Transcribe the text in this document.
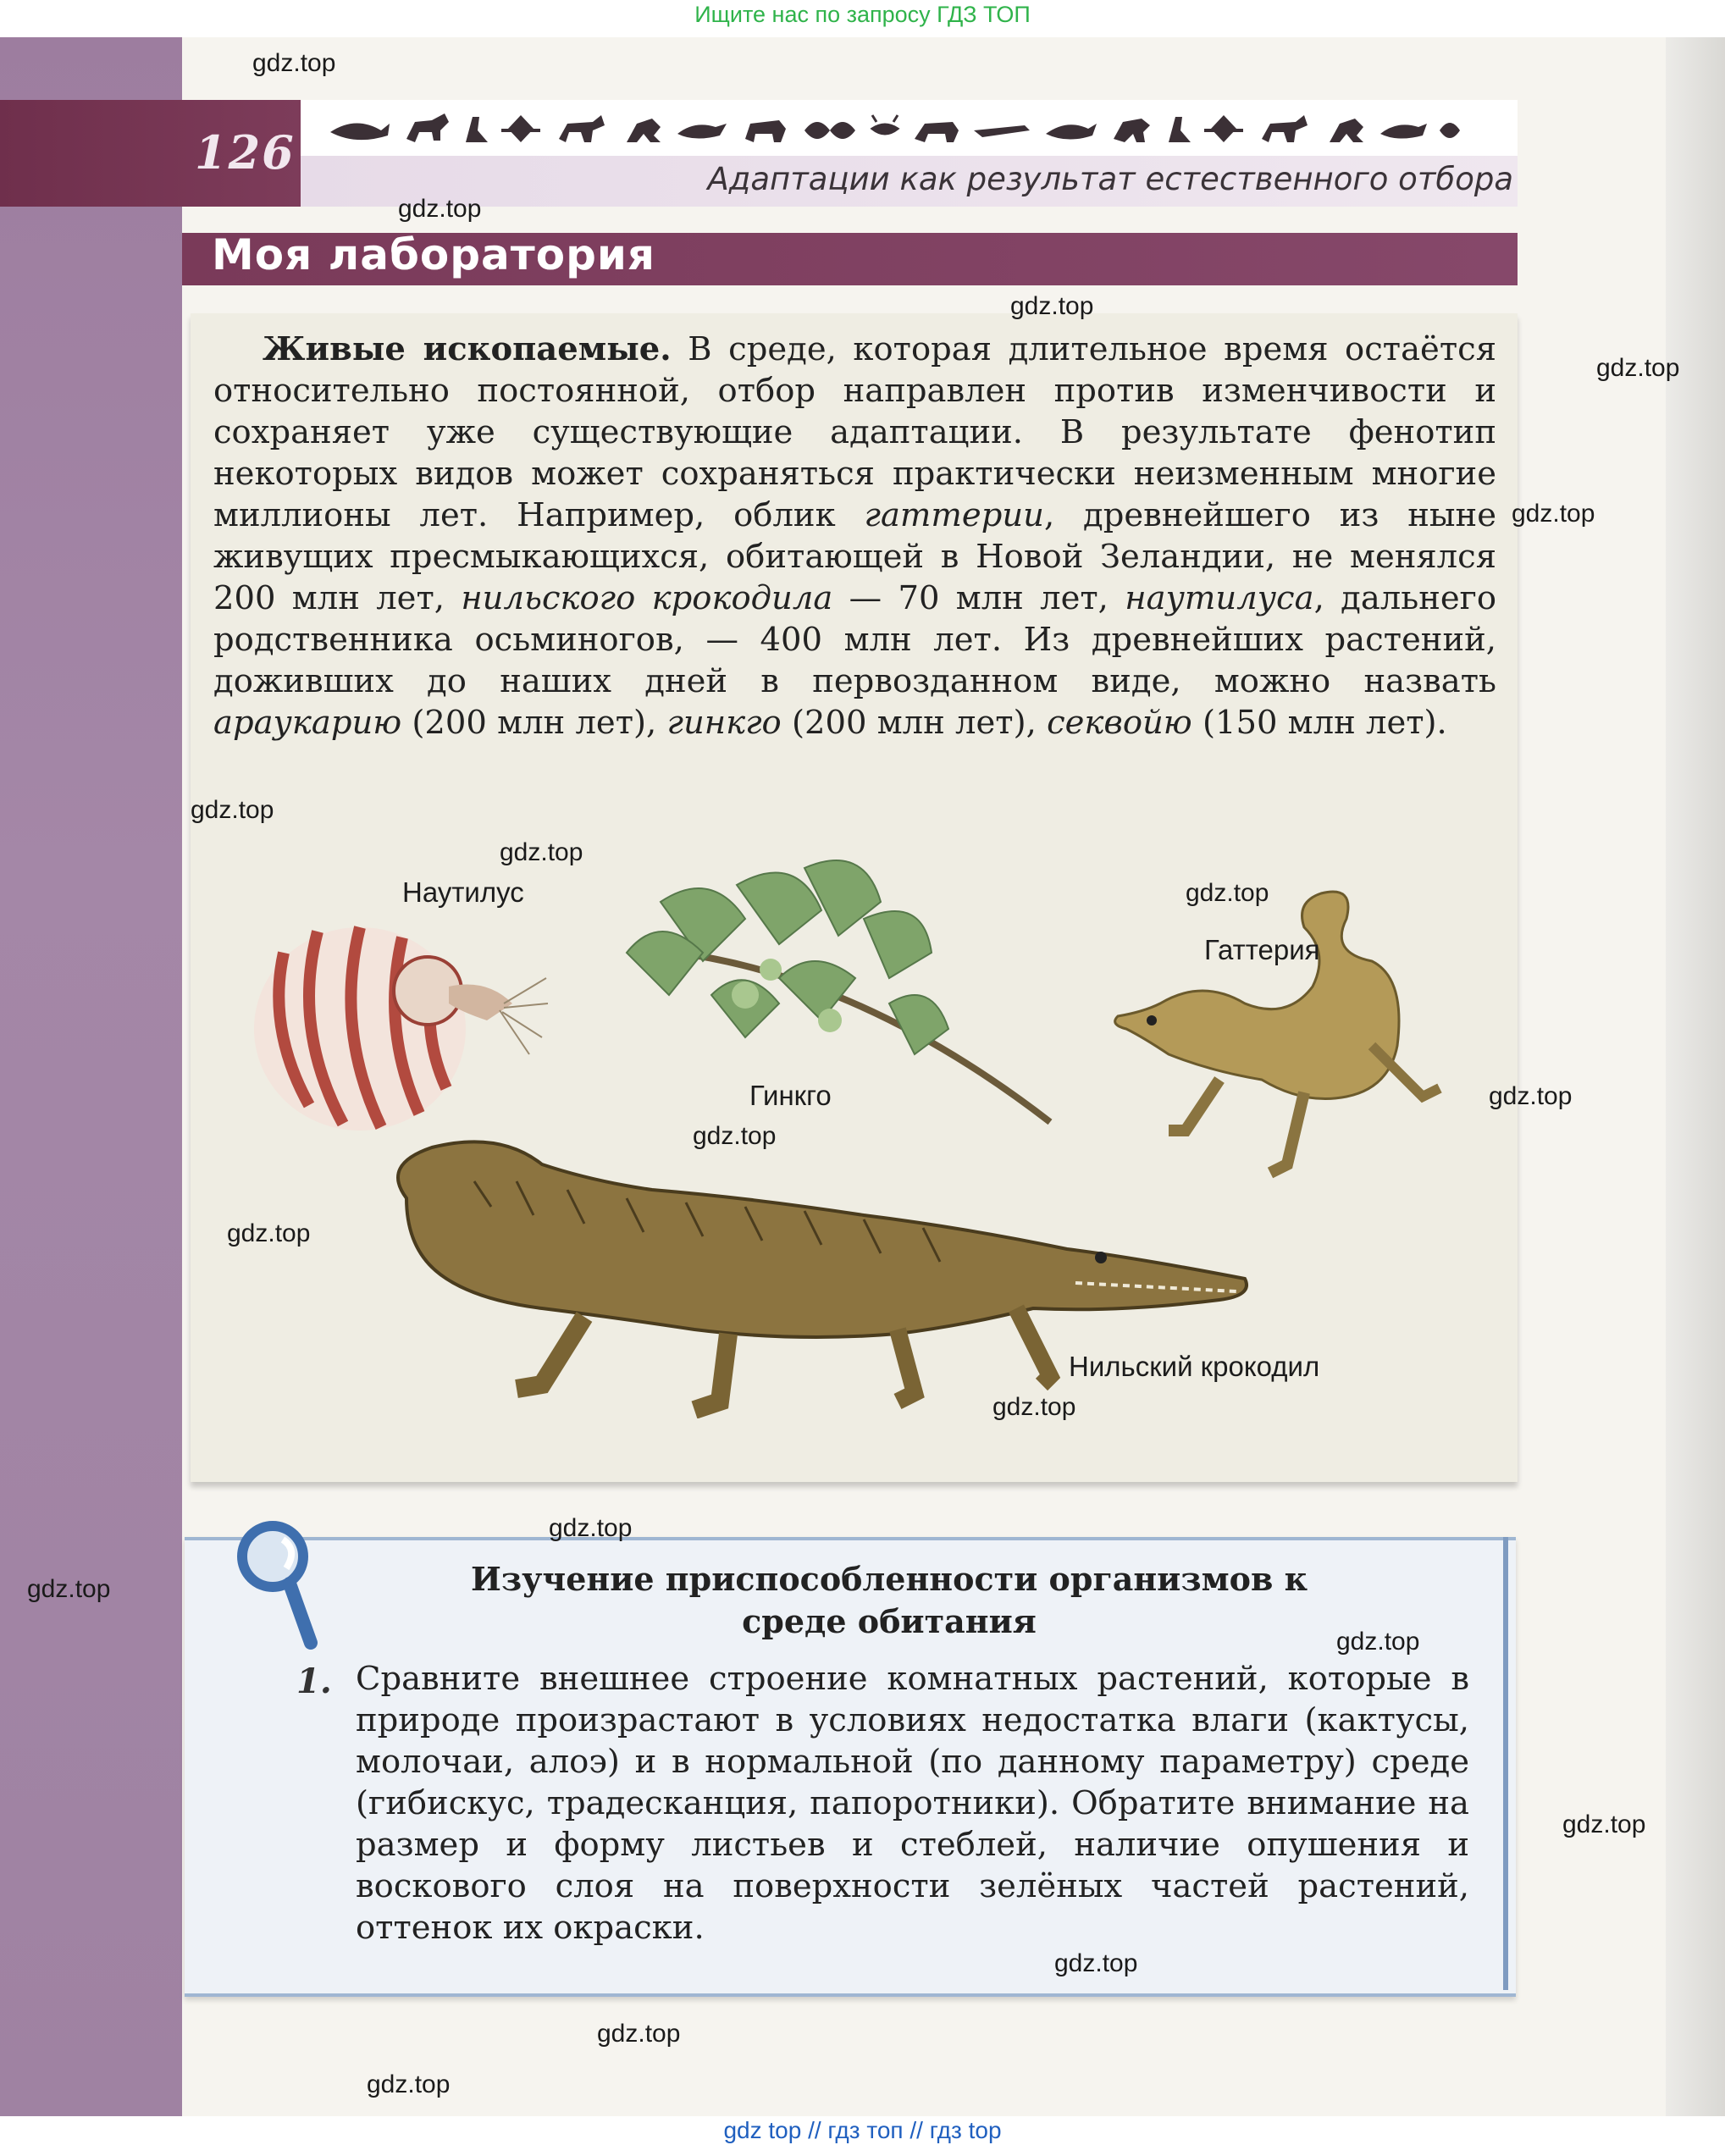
Ищите нас по запросу ГДЗ ТОП
126	Адаптации как результат естественного отбора
Моя лаборатория
Живые ископаемые. В среде, которая длительное время остаётся относительно постоянной, отбор направлен против изменчивости и сохраняет уже существующие адаптации. В результате фенотип некоторых видов может сохраняться практически неизменным многие миллионы лет. Например, облик гаттерии, древнейшего из ныне живущих пресмыкающихся, обитающей в Новой Зеландии, не менялся 200 млн лет, нильского крокодила — 70 млн лет, наутилуса, дальнего родственника осьминогов, — 400 млн лет. Из древнейших растений, доживших до наших дней в первозданном виде, можно назвать араукарию (200 млн лет), гинкго (200 млн лет), секвойю (150 млн лет).
Наутилус
Гинкго
Гаттерия
Нильский крокодил
Изучение приспособленности организмов к среде обитания
1. Сравните внешнее строение комнатных растений, которые в природе произрастают в условиях недостатка влаги (кактусы, молочаи, алоэ) и в нормальной (по данному параметру) среде (гибискус, традесканция, папоротники). Обратите внимание на размер и форму листьев и стеблей, наличие опушения и воскового слоя на поверхности зелёных частей растений, оттенок их окраски.
gdz.top
gdz.top
gdz.top
gdz.top
gdz.top
gdz.top
gdz.top
gdz.top
gdz.top
gdz.top
gdz.top
gdz.top
gdz.top
gdz.top
gdz.top
gdz.top
gdz.top
gdz.top
gdz.top
gdz top // гдз топ // гдз top
